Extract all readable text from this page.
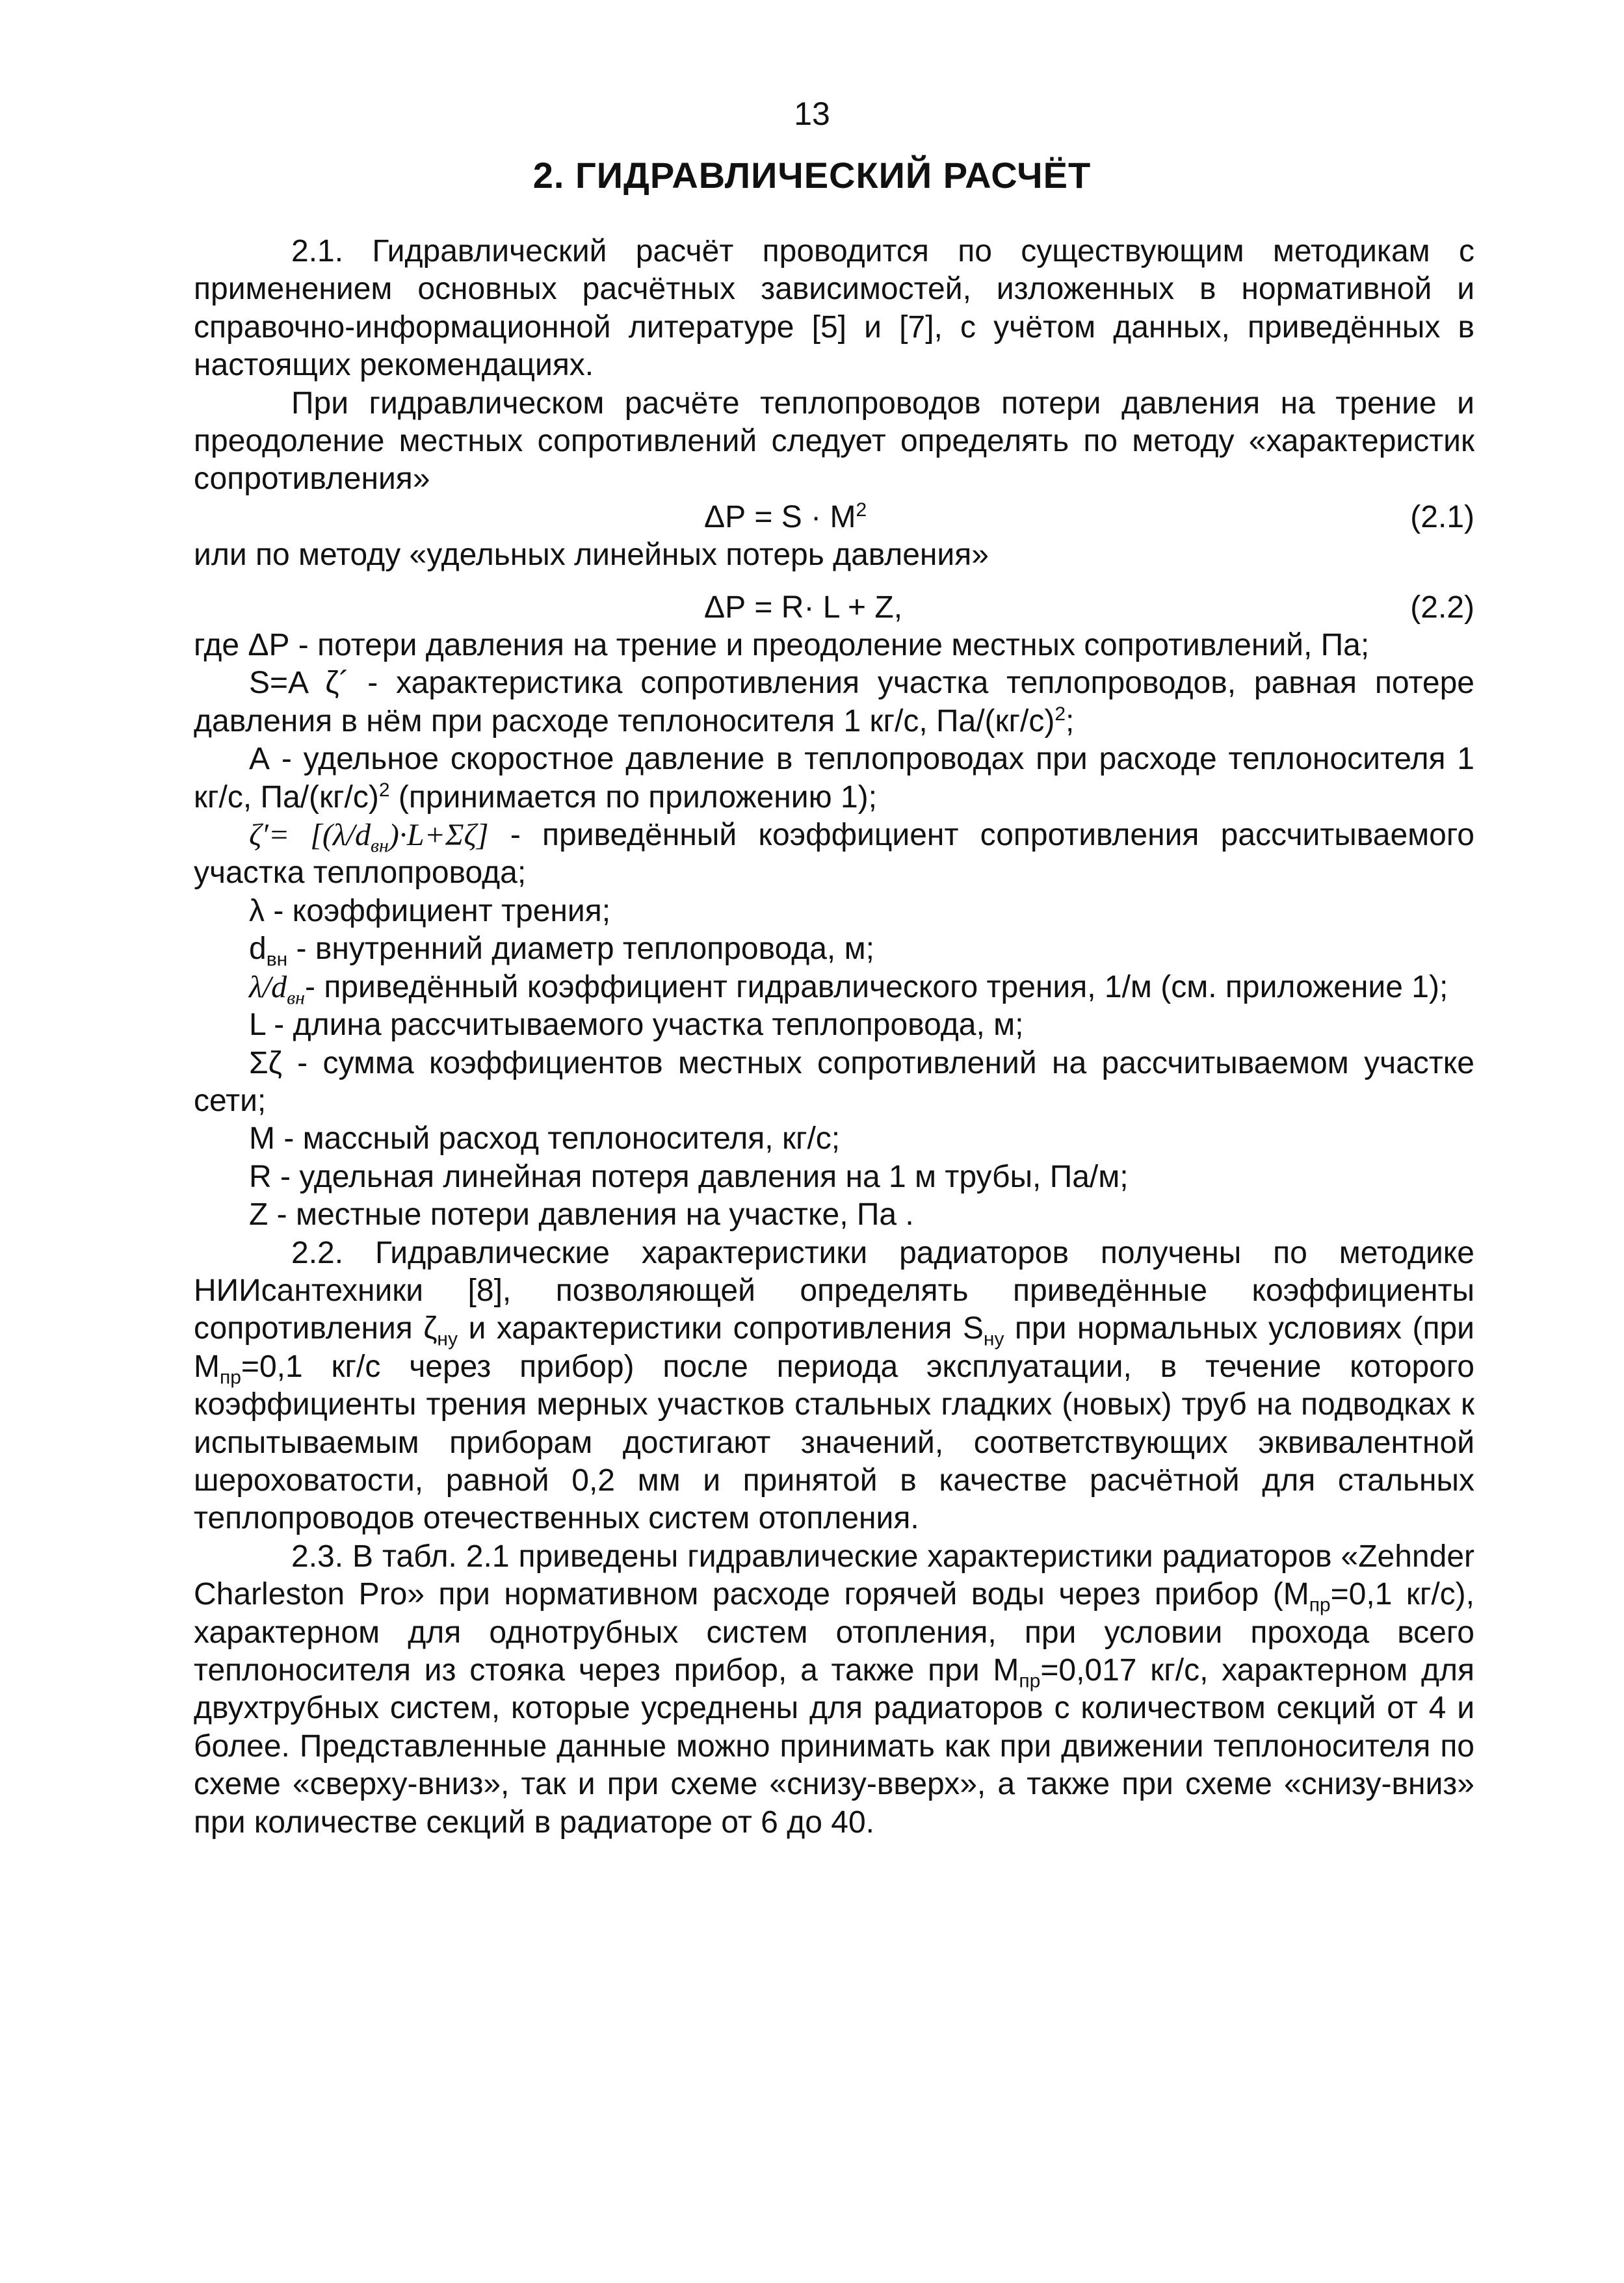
13
2. ГИДРАВЛИЧЕСКИЙ РАСЧЁТ

2.1. Гидравлический расчёт проводится по существующим методикам с применением основных расчётных зависимостей, изложенных в нормативной и справочно-информационной литературе [5] и [7], с учётом данных, приведённых в настоящих рекомендациях.

При гидравлическом расчёте теплопроводов потери давления на трение и преодоление местных сопротивлений следует определять по методу «характеристик сопротивления»

$\Delta Р = S \cdot M^2$	(2.1)

или по методу «удельных линейных потерь давления»

ΔР = R· L + Z,	(2.2)

где ΔР - потери давления на трение и преодоление местных сопротивлений, Па;

S=A ζ´ - характеристика сопротивления участка теплопроводов, равная потере давления в нём при расходе теплоносителя 1 кг/с, $Па/(кг/с)^2$;

А - удельное скоростное давление в теплопроводах при расходе теплоносителя 1 кг/с, $Па/(кг/с)^2$ (принимается по приложению 1);

$\zeta'= [(\lambda/d_{вн})\cdot L+\Sigma\zeta]$ - приведённый коэффициент сопротивления рассчитываемого участка теплопровода;

λ - коэффициент трения;

$d_{вн}$ - внутренний диаметр теплопровода, м;

$\lambda/d_{вн}-$ приведённый коэффициент гидравлического трения, 1/м (см. приложение 1);

L - длина рассчитываемого участка теплопровода, м;

Σζ - сумма коэффициентов местных сопротивлений на рассчитываемом участке сети;

М - массный расход теплоносителя, кг/с;

R - удельная линейная потеря давления на 1 м трубы, Па/м;

Z - местные потери давления на участке, Па .

2.2. Гидравлические характеристики радиаторов получены по методике НИИсантехники [8], позволяющей определять приведённые коэффициенты сопротивления $\zeta_{ну}$ и характеристики сопротивления $S_{ну}$ при нормальных условиях (при $М_{пр}=0,1$ кг/с через прибор) после периода эксплуатации, в течение которого коэффициенты трения мерных участков стальных гладких (новых) труб на подводках к испытываемым приборам достигают значений, соответствующих эквивалентной шероховатости, равной 0,2 мм и принятой в качестве расчётной для стальных теплопроводов отечественных систем отопления.

2.3. В табл. 2.1 приведены гидравлические характеристики радиаторов «Zehnder Charleston Pro» при нормативном расходе горячей воды через прибор ($М_{пр}=0,1$ кг/с), характерном для однотрубных систем отопления, при условии прохода всего теплоносителя из стояка через прибор, а также при $М_{пр}=0,017$ кг/с, характерном для двухтрубных систем, которые усреднены для радиаторов с количеством секций от 4 и более. Представленные данные можно принимать как при движении теплоносителя по схеме «сверху-вниз», так и при схеме «снизу-вверх», а также при схеме «снизу-вниз» при количестве секций в радиаторе от 6 до 40.
